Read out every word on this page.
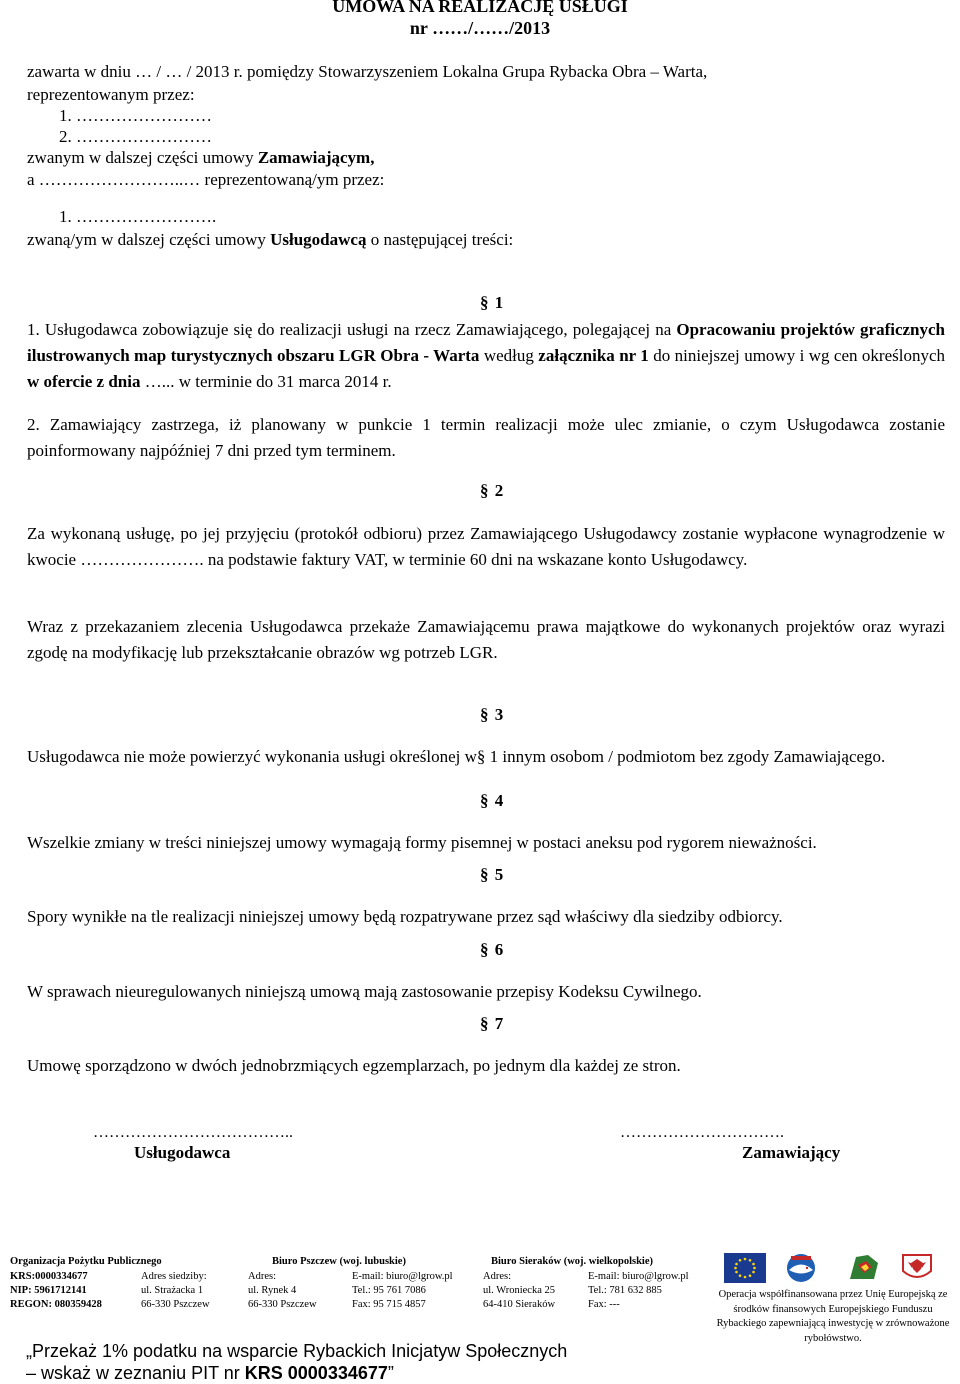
UMOWA NA REALIZACJĘ USŁUGI
nr ……/……/2013
zawarta w dniu … / … / 2013 r. pomiędzy Stowarzyszeniem Lokalna Grupa Rybacka Obra – Warta,
reprezentowanym przez:
1. ……………………
2. ……………………
zwanym w dalszej części umowy Zamawiającym,
a ……………………..… reprezentowaną/ym przez:
1. …………………….
zwaną/ym w dalszej części umowy Usługodawcą o następującej treści:
§ 1
1. Usługodawca zobowiązuje się do realizacji usługi na rzecz Zamawiającego, polegającej na Opracowaniu projektów graficznych ilustrowanych map turystycznych obszaru LGR Obra - Warta według załącznika nr 1 do niniejszej umowy i wg cen określonych w ofercie z dnia …... w terminie do 31 marca 2014 r.
2. Zamawiający zastrzega, iż planowany w punkcie 1 termin realizacji może ulec zmianie, o czym Usługodawca zostanie poinformowany najpóźniej 7 dni przed tym terminem.
§ 2
Za wykonaną usługę, po jej przyjęciu (protokół odbioru) przez Zamawiającego Usługodawcy zostanie wypłacone wynagrodzenie w kwocie …………………. na podstawie faktury VAT, w terminie 60 dni na wskazane konto Usługodawcy.
Wraz z przekazaniem zlecenia Usługodawca przekaże Zamawiającemu prawa majątkowe do wykonanych projektów oraz wyrazi zgodę na modyfikację lub przekształcanie obrazów wg potrzeb LGR.
§ 3
Usługodawca nie może powierzyć wykonania usługi określonej w§ 1 innym osobom / podmiotom bez zgody Zamawiającego.
§ 4
Wszelkie zmiany w treści niniejszej umowy wymagają formy pisemnej w postaci aneksu pod rygorem nieważności.
§ 5
Spory wynikłe na tle realizacji niniejszej umowy będą rozpatrywane przez sąd właściwy dla siedziby odbiorcy.
§ 6
W sprawach nieuregulowanych niniejszą umową mają zastosowanie przepisy Kodeksu Cywilnego.
§ 7
Umowę sporządzono w dwóch jednobrzmiących egzemplarzach, po jednym dla każdej ze stron.
………………………………..	………………………….
Usługodawca	Zamawiający
Organizacja Pożytku Publicznego
KRS:0000334677
NIP: 5961712141
REGON: 080359428
Adres siedziby:
ul. Strażacka 1
66-330 Pszczew
Biuro Pszczew (woj. lubuskie)
Adres:
ul. Rynek 4
66-330 Pszczew
E-mail: biuro@lgrow.pl
Tel.: 95 761 7086
Fax: 95 715 4857
Biuro Sieraków (woj. wielkopolskie)
Adres:
ul. Wroniecka 25
64-410 Sieraków
E-mail: biuro@lgrow.pl
Tel.: 781 632 885
Fax: ---
Operacja współfinansowana przez Unię Europejską ze środków finansowych Europejskiego Funduszu Rybackiego zapewniającą inwestycję w zrównoważone rybołówstwo.
„Przekaż 1% podatku na wsparcie Rybackich Inicjatyw Społecznych
– wskaż w zeznaniu PIT nr KRS 0000334677”
